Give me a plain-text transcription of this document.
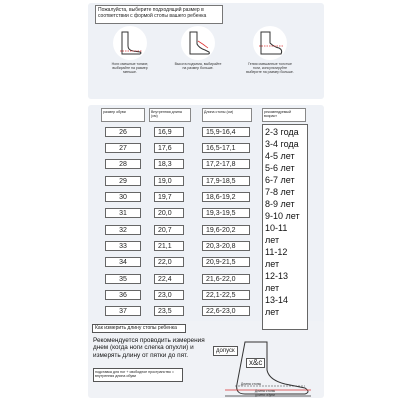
Пожалуйста, выберите подходящий размер в соответствии с формой стопы вашего ребенка
Ноги смешные тонкие, выбирайте на размер меньше.
Высота подъема, выбирайте на размер больше.
Гения смешанные толстые ноги, консультируйте выберите на размер больше.
размер обуви	Внутренняя длина (см)
Длина стопы (см)	рекомендуемый возраст
26
27
28
29
30
31
32
33
34
35
36
37
16,9
17,6
18,3
19,0
19,7
20,0
20,7
21,1
22,0
22,4
23,0
23,5
15,9-16,4
16,5-17,1
17,2-17,8
17,9-18,5
18,6-19,2
19,3-19,5
19,6-20,2
20,3-20,8
20,9-21,5
21,6-22,0
22,1-22,5
22,6-23,0
2-3 года
3-4 года
4-5 лет
5-6 лет
6-7 лет
7-8 лет
8-9 лет
9-10 лет
10-11
лет
11-12
лет
12-13
лет
13-14
лет
Как измерить длину стопы ребенка
Рекомендуется проводить измерения днем (когда ноги слегка опухли) и измерять длину от пятки до пят.
подставка для ног + свободное пространство = внутренняя длина обуви
допуск
x&c
Длина стопы
Длина стопы длина обуви
